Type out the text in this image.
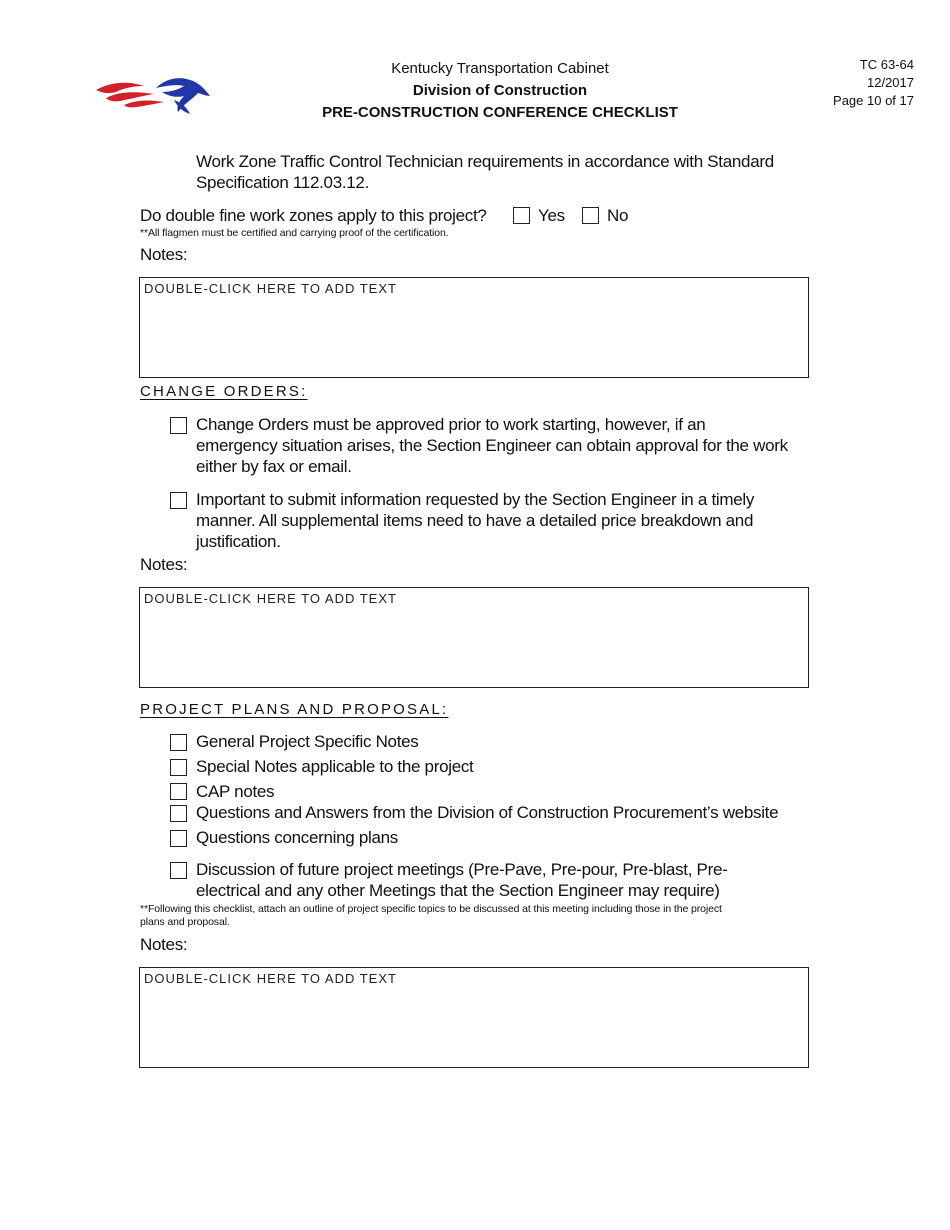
Kentucky Transportation Cabinet
Division of Construction
PRE-CONSTRUCTION CONFERENCE CHECKLIST
TC 63-64
12/2017
Page 10 of 17
Work Zone Traffic Control Technician requirements in accordance with Standard
Specification 112.03.12.
Do double fine work zones apply to this project?	Yes No
**All flagmen must be certified and carrying proof of the certification.
Notes:
DOUBLE-CLICK HERE TO ADD TEXT
CHANGE ORDERS:
Change Orders must be approved prior to work starting, however, if an
emergency situation arises, the Section Engineer can obtain approval for the work
either by fax or email.
Important to submit information requested by the Section Engineer in a timely
manner. All supplemental items need to have a detailed price breakdown and
justification.
Notes:
DOUBLE-CLICK HERE TO ADD TEXT
PROJECT PLANS AND PROPOSAL:
General Project Specific Notes
Special Notes applicable to the project
CAP notes
Questions and Answers from the Division of Construction Procurement’s website
Questions concerning plans
Discussion of future project meetings (Pre-Pave, Pre-pour, Pre-blast, Pre-
electrical and any other Meetings that the Section Engineer may require)
**Following this checklist, attach an outline of project specific topics to be discussed at this meeting including those in the project
plans and proposal.
Notes:
DOUBLE-CLICK HERE TO ADD TEXT
